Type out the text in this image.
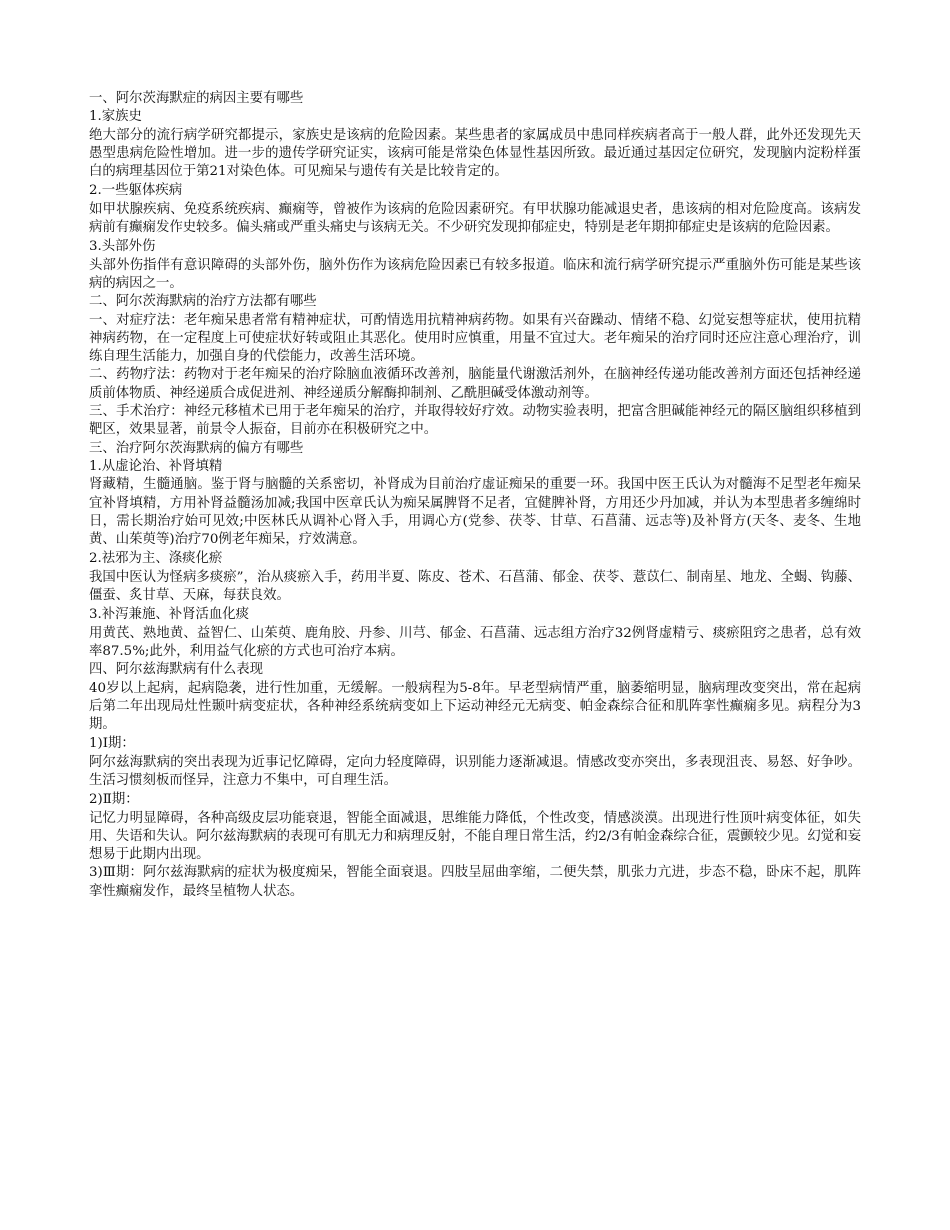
一、阿尔茨海默症的病因主要有哪些

1.家族史

绝大部分的流行病学研究都提示，家族史是该病的危险因素。某些患者的家属成员中患同样疾病者高于一般人群，此外还发现先天愚型患病危险性增加。进一步的遗传学研究证实，该病可能是常染色体显性基因所致。最近通过基因定位研究，发现脑内淀粉样蛋白的病理基因位于第21对染色体。可见痴呆与遗传有关是比较肯定的。

2.一些躯体疾病

如甲状腺疾病、免疫系统疾病、癫痫等，曾被作为该病的危险因素研究。有甲状腺功能减退史者，患该病的相对危险度高。该病发病前有癫痫发作史较多。偏头痛或严重头痛史与该病无关。不少研究发现抑郁症史，特别是老年期抑郁症史是该病的危险因素。

3.头部外伤

头部外伤指伴有意识障碍的头部外伤，脑外伤作为该病危险因素已有较多报道。临床和流行病学研究提示严重脑外伤可能是某些该病的病因之一。

二、阿尔茨海默病的治疗方法都有哪些

一、对症疗法：老年痴呆患者常有精神症状，可酌情选用抗精神病药物。如果有兴奋躁动、情绪不稳、幻觉妄想等症状，使用抗精神病药物，在一定程度上可使症状好转或阻止其恶化。使用时应慎重，用量不宜过大。老年痴呆的治疗同时还应注意心理治疗，训练自理生活能力，加强自身的代偿能力，改善生活环境。

二、药物疗法：药物对于老年痴呆的治疗除脑血液循环改善剂，脑能量代谢激活剂外，在脑神经传递功能改善剂方面还包括神经递质前体物质、神经递质合成促进剂、神经递质分解酶抑制剂、乙酰胆碱受体激动剂等。

三、手术治疗：神经元移植术已用于老年痴呆的治疗，并取得较好疗效。动物实验表明，把富含胆碱能神经元的隔区脑组织移植到靶区，效果显著，前景令人振奋，目前亦在积极研究之中。

三、治疗阿尔茨海默病的偏方有哪些

1.从虚论治、补肾填精

肾藏精，生髓通脑。鉴于肾与脑髓的关系密切，补肾成为目前治疗虚证痴呆的重要一环。我国中医王氏认为对髓海不足型老年痴呆宜补肾填精，方用补肾益髓汤加减;我国中医章氏认为痴呆属脾肾不足者，宜健脾补肾，方用还少丹加减，并认为本型患者多缠绵时日，需长期治疗始可见效;中医林氏从调补心肾入手，用调心方(党参、茯苓、甘草、石菖蒲、远志等)及补肾方(天冬、麦冬、生地黄、山茱萸等)治疗70例老年痴呆，疗效满意。

2.祛邪为主、涤痰化瘀

我国中医认为怪病多痰瘀”，治从痰瘀入手，药用半夏、陈皮、苍术、石菖蒲、郁金、茯苓、薏苡仁、制南星、地龙、全蝎、钩藤、僵蚕、炙甘草、天麻，每获良效。

3.补泻兼施、补肾活血化痰

用黄芪、熟地黄、益智仁、山茱萸、鹿角胶、丹参、川芎、郁金、石菖蒲、远志组方治疗32例肾虚精亏、痰瘀阻窍之患者，总有效率87.5%;此外，利用益气化瘀的方式也可治疗本病。

四、阿尔兹海默病有什么表现

40岁以上起病，起病隐袭，进行性加重，无缓解。一般病程为5-8年。早老型病情严重，脑萎缩明显，脑病理改变突出，常在起病后第二年出现局灶性颞叶病变症状，各种神经系统病变如上下运动神经元无病变、帕金森综合征和肌阵挛性癫痫多见。病程分为3期。

1)Ⅰ期：

阿尔兹海默病的突出表现为近事记忆障碍，定向力轻度障碍，识别能力逐渐减退。情感改变亦突出，多表现沮丧、易怒、好争吵。生活习惯刻板而怪异，注意力不集中，可自理生活。

2)Ⅱ期：

记忆力明显障碍，各种高级皮层功能衰退，智能全面减退，思维能力降低，个性改变，情感淡漠。出现进行性顶叶病变体征，如失用、失语和失认。阿尔兹海默病的表现可有肌无力和病理反射，不能自理日常生活，约2/3有帕金森综合征，震颤较少见。幻觉和妄想易于此期内出现。

3)Ⅲ期：阿尔兹海默病的症状为极度痴呆，智能全面衰退。四肢呈屈曲挛缩，二便失禁，肌张力亢进，步态不稳，卧床不起，肌阵挛性癫痫发作，最终呈植物人状态。
